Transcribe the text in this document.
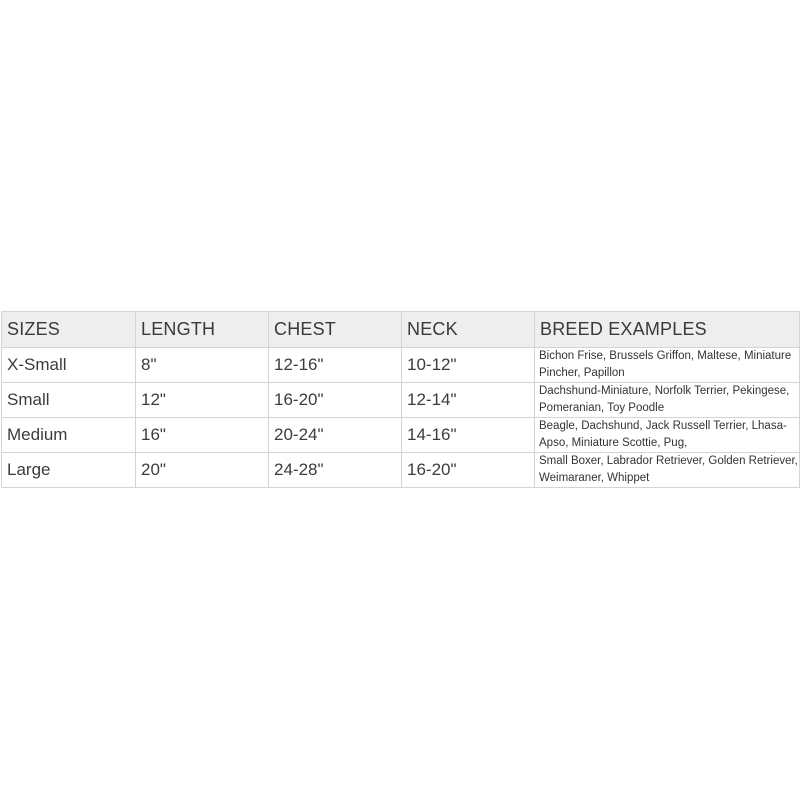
SIZES	LENGTH	CHEST	NECK	BREED EXAMPLES
X-Small	8"	12-16"	10-12"	Bichon Frise, Brussels Griffon, Maltese, Miniature Pincher, Papillon
Small	12"	16-20"	12-14"	Dachshund-Miniature, Norfolk Terrier, Pekingese, Pomeranian, Toy Poodle
Medium	16"	20-24"	14-16"	Beagle, Dachshund, Jack Russell Terrier, Lhasa-Apso, Miniature Scottie, Pug,
Large	20"	24-28"	16-20"	Small Boxer, Labrador Retriever, Golden Retriever, Weimaraner, Whippet
